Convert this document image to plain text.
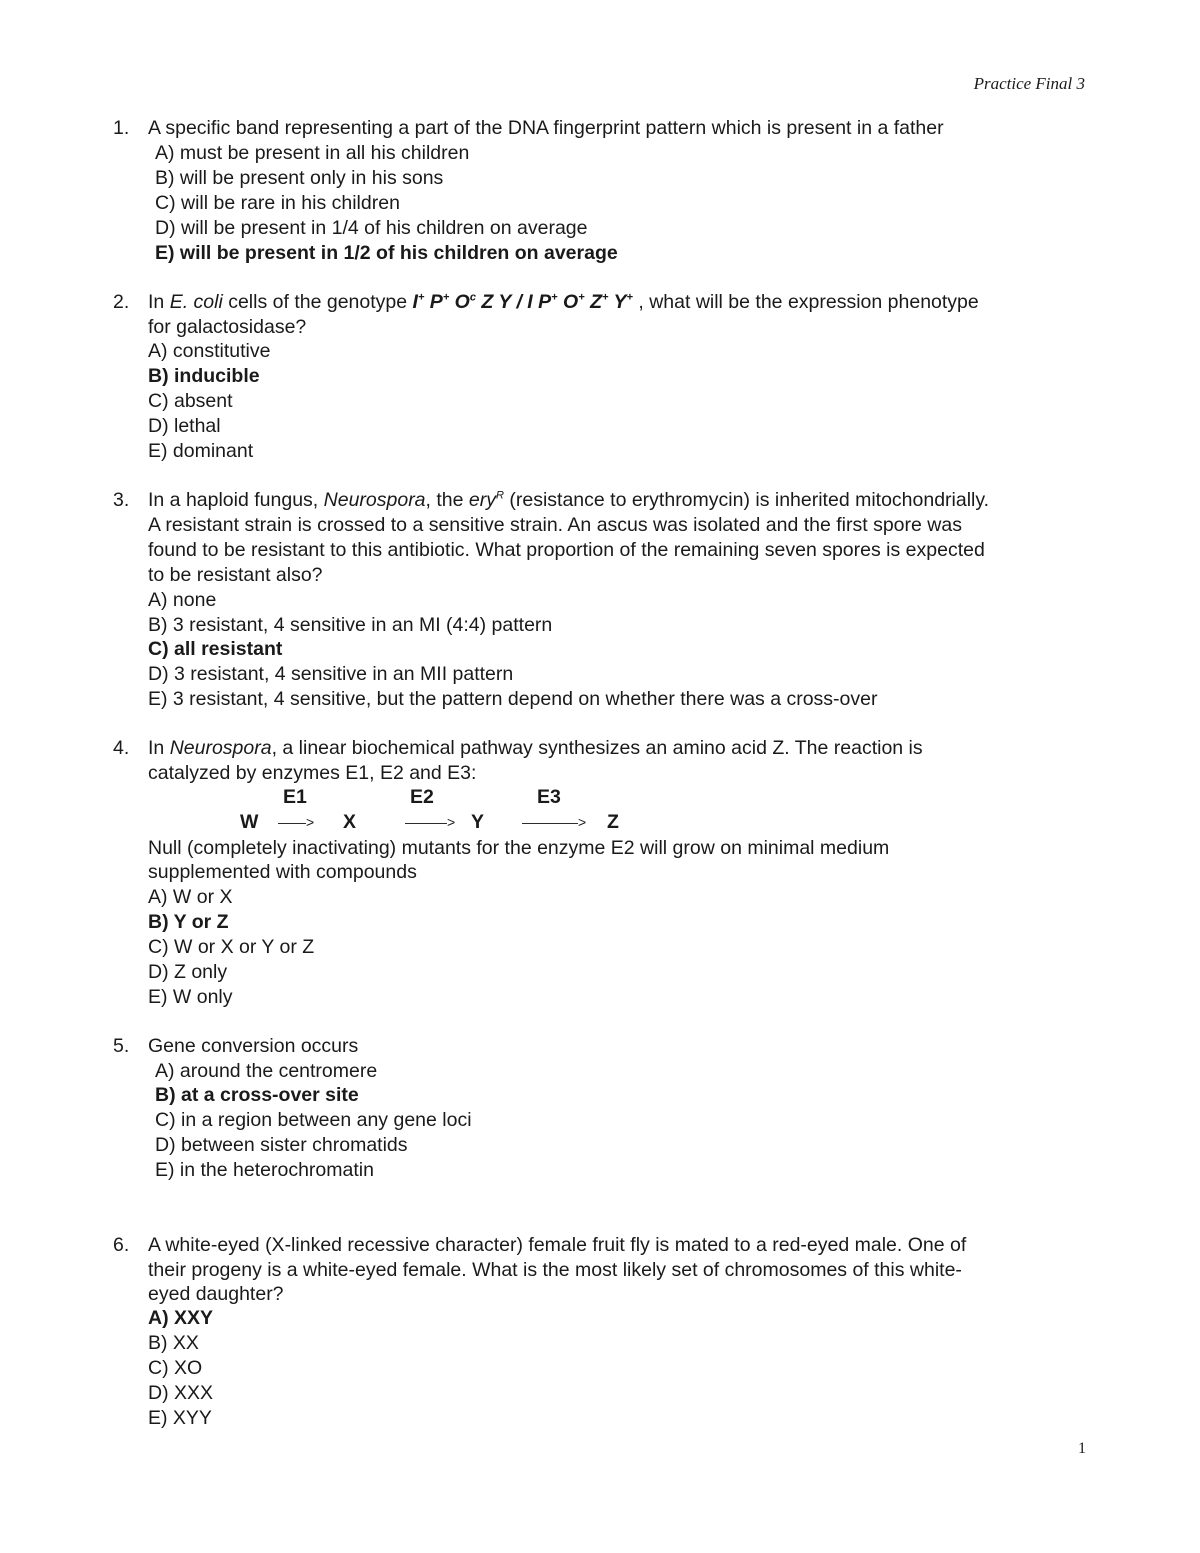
Practice Final 3
1. A specific band representing a part of the DNA fingerprint pattern which is present in a father
A) must be present in all his children
B) will be present only in his sons
C) will be rare in his children
D) will be present in 1/4 of his children on average
E) will be present in 1/2 of his children on average
2. In E. coli cells of the genotype I+ P+ $O^c$ Z Y / I P+ O+ Z+ Y+ , what will be the expression phenotype
for galactosidase?
A) constitutive
B) inducible
C) absent
D) lethal
E) dominant
3. In a haploid fungus, Neurospora, the ery$^R$ (resistance to erythromycin) is inherited mitochondrially.
A resistant strain is crossed to a sensitive strain. An ascus was isolated and the first spore was
found to be resistant to this antibiotic. What proportion of the remaining seven spores is expected
to be resistant also?
A) none
B) 3 resistant, 4 sensitive in an MI (4:4) pattern
C) all resistant
D) 3 resistant, 4 sensitive in an MII pattern
E) 3 resistant, 4 sensitive, but the pattern depend on whether there was a cross-over
4. In Neurospora, a linear biochemical pathway synthesizes an amino acid Z. The reaction is
catalyzed by enzymes E1, E2 and E3:
E1	E2	E3
W ——> X	———> Y	————> Z
Null (completely inactivating) mutants for the enzyme E2 will grow on minimal medium
supplemented with compounds
A) W or X
B) Y or Z
C) W or X or Y or Z
D) Z only
E) W only
5. Gene conversion occurs
A) around the centromere
B) at a cross-over site
C) in a region between any gene loci
D) between sister chromatids
E) in the heterochromatin
6. A white-eyed (X-linked recessive character) female fruit fly is mated to a red-eyed male. One of
their progeny is a white-eyed female. What is the most likely set of chromosomes of this white-
eyed daughter?
A) XXY
B) XX
C) XO
D) XXX
E) XYY
1
